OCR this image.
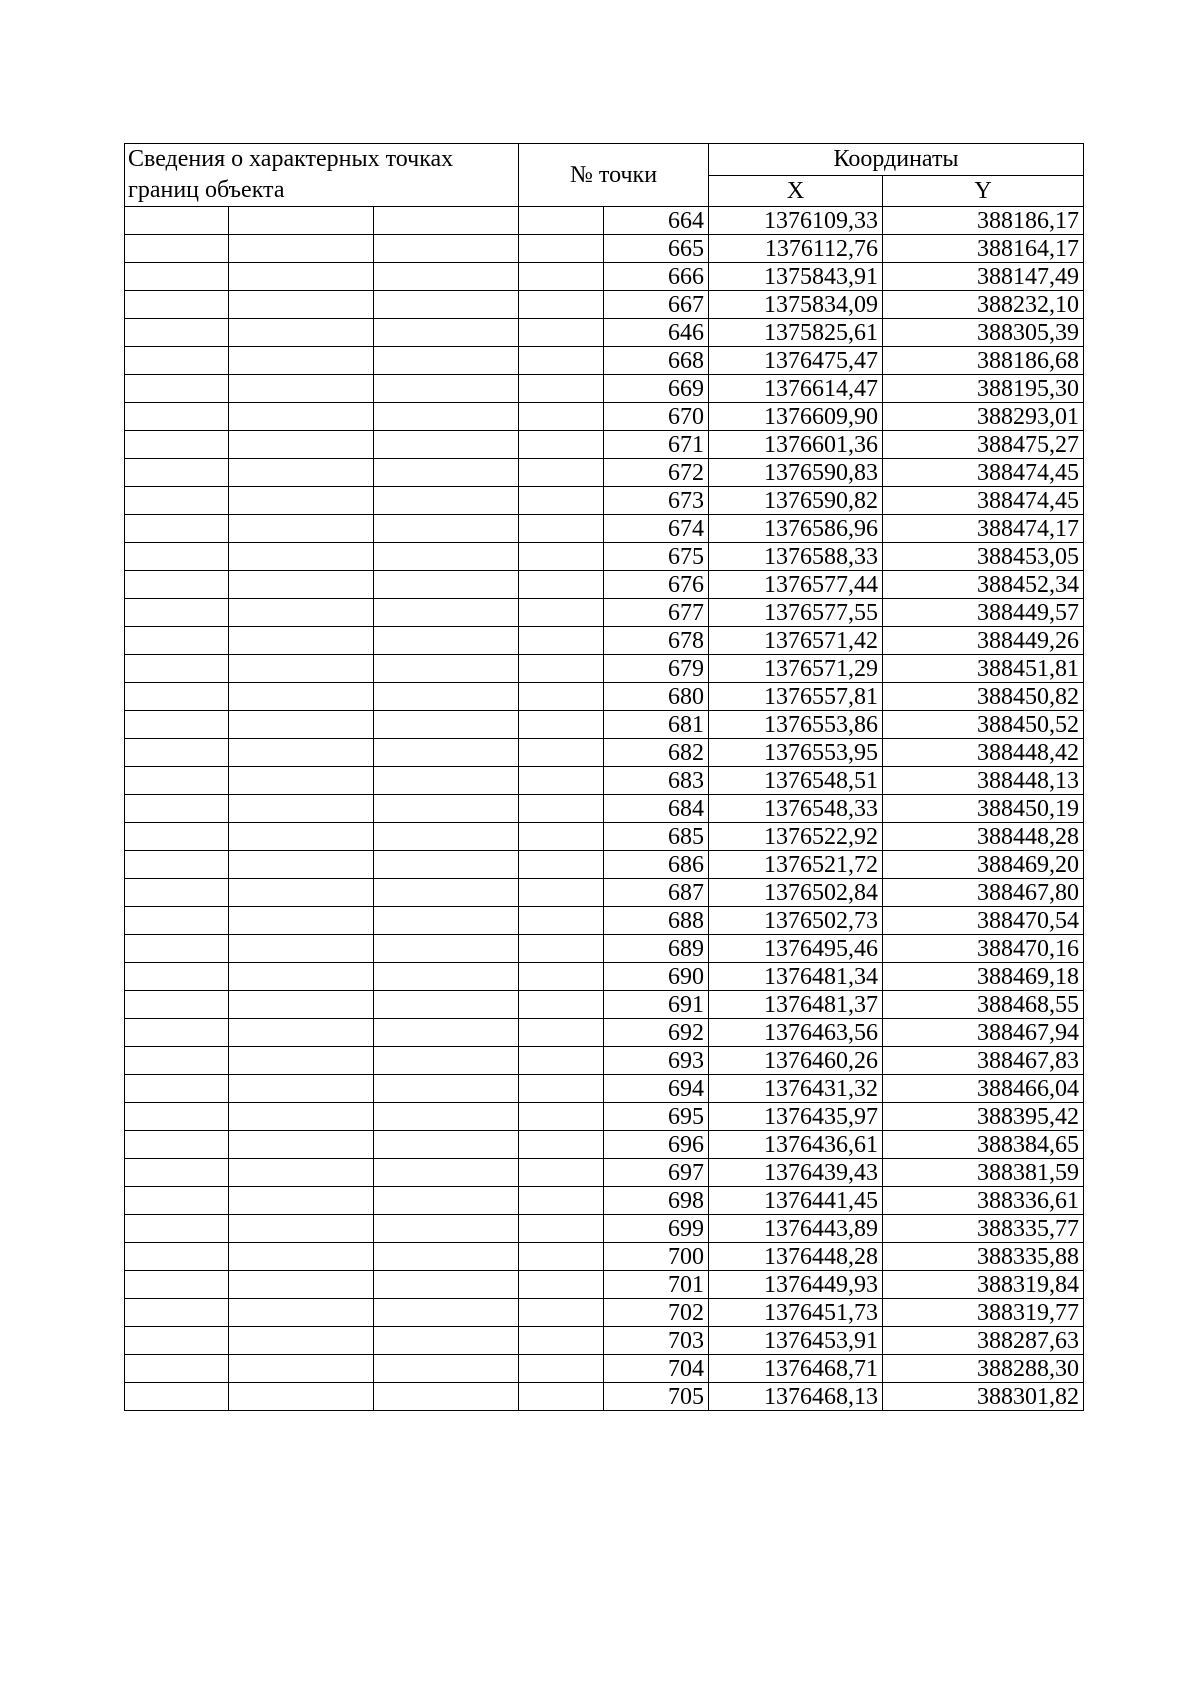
Сведения о характерных точках
границ объекта			№ точки		Координаты	
					X	Y
				664	1376109,33	388186,17
				665	1376112,76	388164,17
				666	1375843,91	388147,49
				667	1375834,09	388232,10
				646	1375825,61	388305,39
				668	1376475,47	388186,68
				669	1376614,47	388195,30
				670	1376609,90	388293,01
				671	1376601,36	388475,27
				672	1376590,83	388474,45
				673	1376590,82	388474,45
				674	1376586,96	388474,17
				675	1376588,33	388453,05
				676	1376577,44	388452,34
				677	1376577,55	388449,57
				678	1376571,42	388449,26
				679	1376571,29	388451,81
				680	1376557,81	388450,82
				681	1376553,86	388450,52
				682	1376553,95	388448,42
				683	1376548,51	388448,13
				684	1376548,33	388450,19
				685	1376522,92	388448,28
				686	1376521,72	388469,20
				687	1376502,84	388467,80
				688	1376502,73	388470,54
				689	1376495,46	388470,16
				690	1376481,34	388469,18
				691	1376481,37	388468,55
				692	1376463,56	388467,94
				693	1376460,26	388467,83
				694	1376431,32	388466,04
				695	1376435,97	388395,42
				696	1376436,61	388384,65
				697	1376439,43	388381,59
				698	1376441,45	388336,61
				699	1376443,89	388335,77
				700	1376448,28	388335,88
				701	1376449,93	388319,84
				702	1376451,73	388319,77
				703	1376453,91	388287,63
				704	1376468,71	388288,30
				705	1376468,13	388301,82
